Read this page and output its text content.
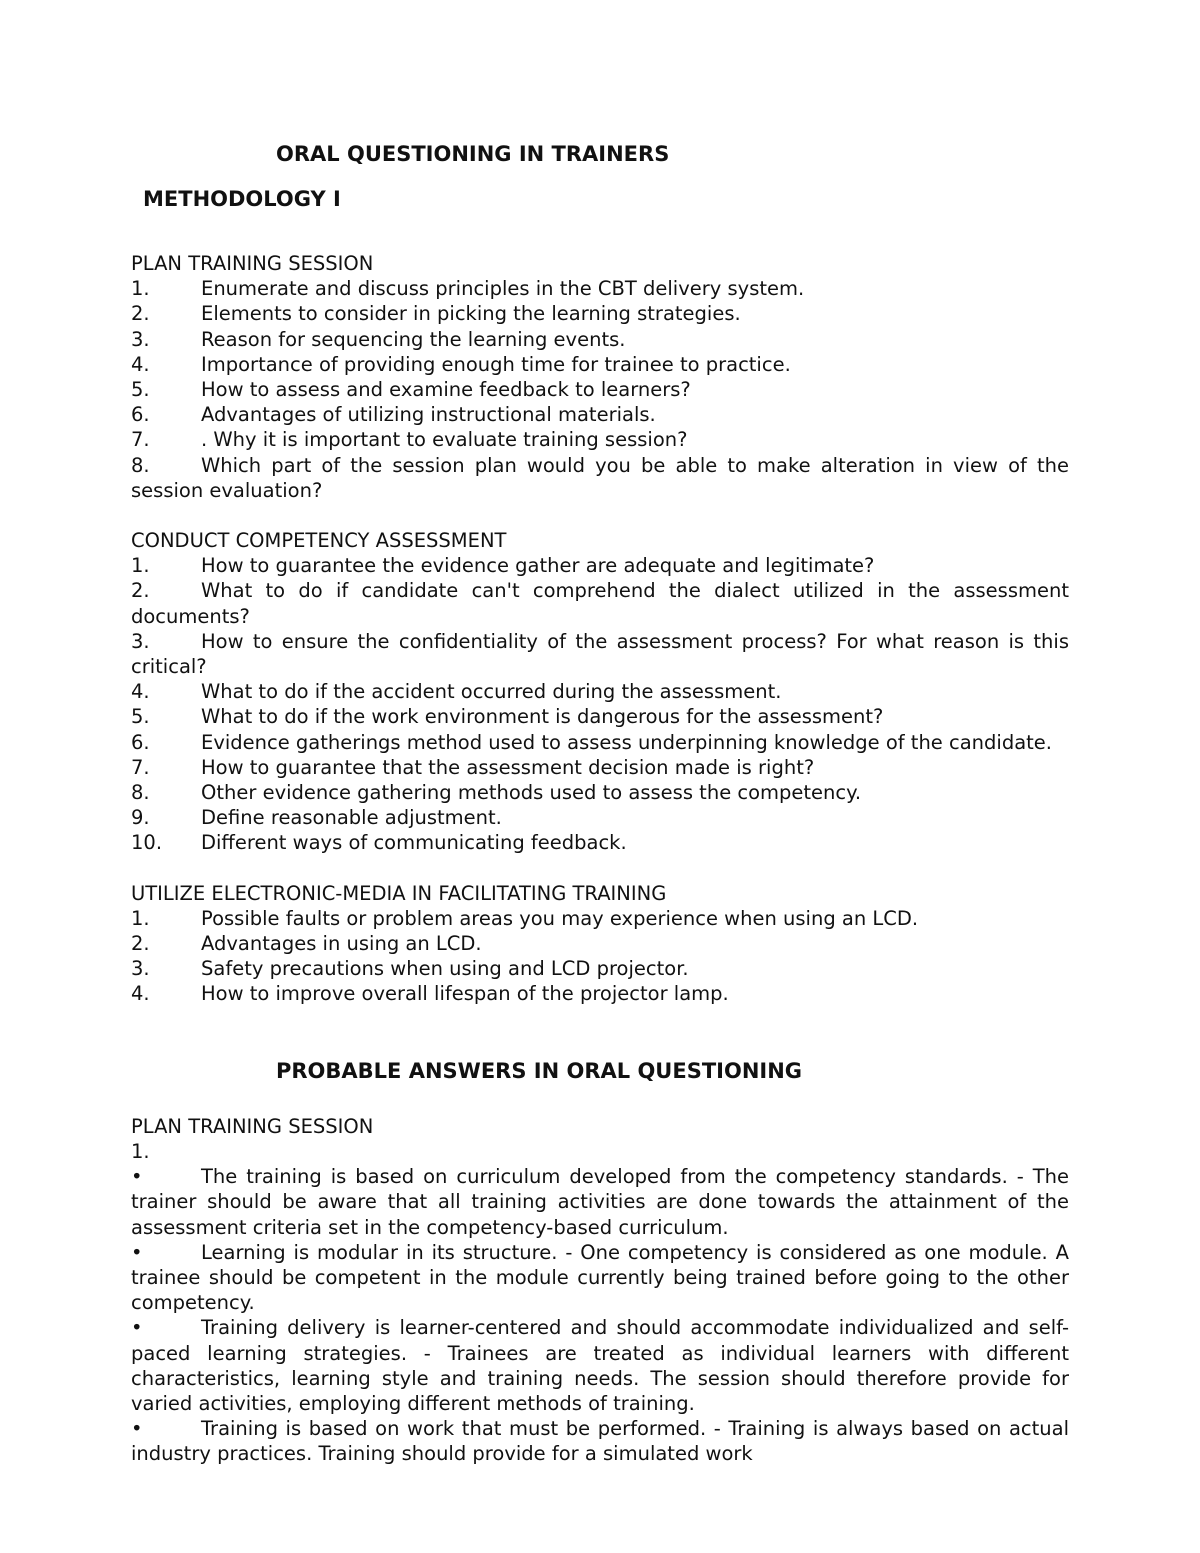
ORAL QUESTIONING IN TRAINERS

METHODOLOGY I

PLAN TRAINING SESSION

1.	Enumerate and discuss principles in the CBT delivery system.

2.	Elements to consider in picking the learning strategies.

3.	Reason for sequencing the learning events.

4.	Importance of providing enough time for trainee to practice.

5.	How to assess and examine feedback to learners?

6.	Advantages of utilizing instructional materials.

7.	. Why it is important to evaluate training session?

8.	Which part of the session plan would you be able to make alteration in view of the session evaluation?

CONDUCT COMPETENCY ASSESSMENT

1.	How to guarantee the evidence gather are adequate and legitimate?

2.	What to do if candidate can't comprehend the dialect utilized in the assessment documents?

3.	How to ensure the confidentiality of the assessment process? For what reason is this critical?

4.	What to do if the accident occurred during the assessment.

5.	What to do if the work environment is dangerous for the assessment?

6.	Evidence gatherings method used to assess underpinning knowledge of the candidate.

7.	How to guarantee that the assessment decision made is right?

8.	Other evidence gathering methods used to assess the competency.

9.	Define reasonable adjustment.

10. Different ways of communicating feedback.

UTILIZE ELECTRONIC-MEDIA IN FACILITATING TRAINING

1.	Possible faults or problem areas you may experience when using an LCD.

2.	Advantages in using an LCD.

3.	Safety precautions when using and LCD projector.

4.	How to improve overall lifespan of the projector lamp.

PROBABLE ANSWERS IN ORAL QUESTIONING

PLAN TRAINING SESSION

1.

•	The training is based on curriculum developed from the competency standards. - The trainer should be aware that all training activities are done towards the attainment of the assessment criteria set in the competency-based curriculum.

•	Learning is modular in its structure. - One competency is considered as one module. A trainee should be competent in the module currently being trained before going to the other competency.

•	Training delivery is learner-centered and should accommodate individualized and self-paced learning strategies. - Trainees are treated as individual learners with different characteristics, learning style and training needs. The session should therefore provide for varied activities, employing different methods of training.

•	Training is based on work that must be performed. - Training is always based on actual industry practices. Training should provide for a simulated work
